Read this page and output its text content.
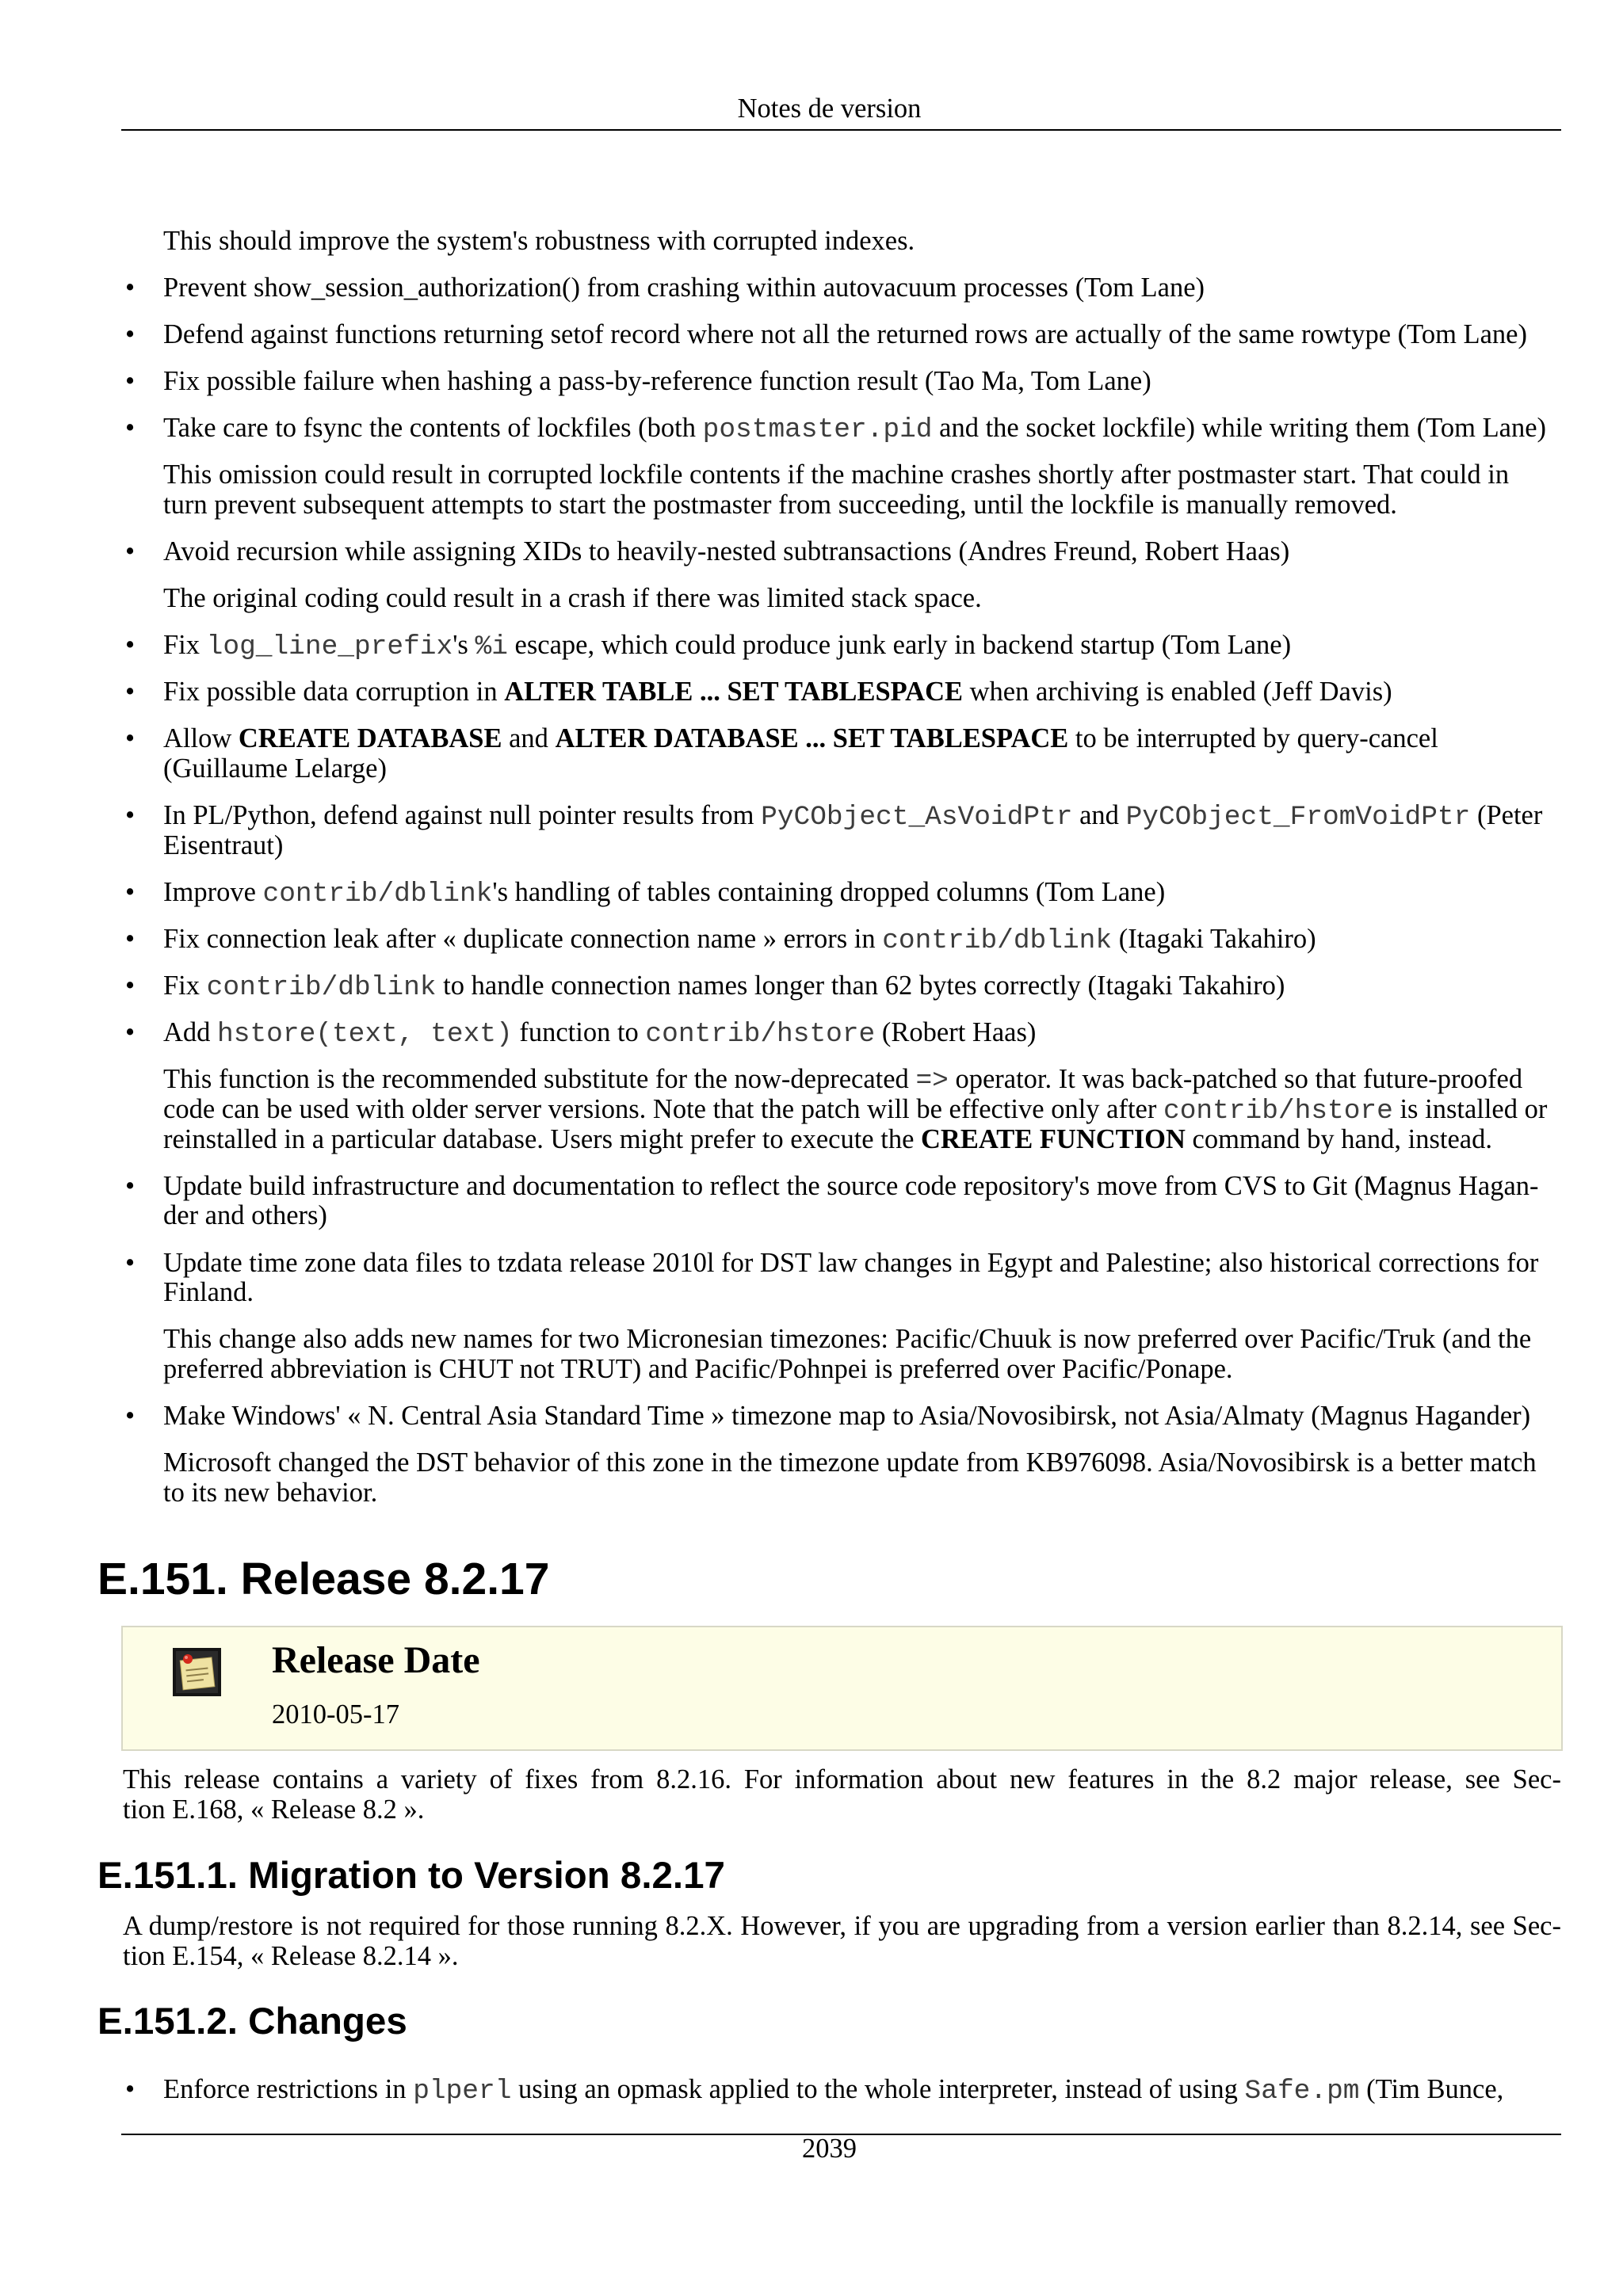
Notes de version
This should improve the system's robustness with corrupted indexes.
•
Prevent show_session_authorization() from crashing within autovacuum processes (Tom Lane)
•
Defend against functions returning setof record where not all the returned rows are actually of the same rowtype (Tom Lane)
•
Fix possible failure when hashing a pass-by-reference function result (Tao Ma, Tom Lane)
•
Take care to fsync the contents of lockfiles (both postmaster.pid and the socket lockfile) while writing them (Tom Lane)
This omission could result in corrupted lockfile contents if the machine crashes shortly after postmaster start. That could in
turn prevent subsequent attempts to start the postmaster from succeeding, until the lockfile is manually removed.
•
Avoid recursion while assigning XIDs to heavily-nested subtransactions (Andres Freund, Robert Haas)
The original coding could result in a crash if there was limited stack space.
•
Fix log_line_prefix's %i escape, which could produce junk early in backend startup (Tom Lane)
•
Fix possible data corruption in ALTER TABLE ... SET TABLESPACE when archiving is enabled (Jeff Davis)
•
Allow CREATE DATABASE and ALTER DATABASE ... SET TABLESPACE to be interrupted by query-cancel
(Guillaume Lelarge)
•
In PL/Python, defend against null pointer results from PyCObject_AsVoidPtr and PyCObject_FromVoidPtr (Peter
Eisentraut)
•
Improve contrib/dblink's handling of tables containing dropped columns (Tom Lane)
•
Fix connection leak after « duplicate connection name » errors in contrib/dblink (Itagaki Takahiro)
•
Fix contrib/dblink to handle connection names longer than 62 bytes correctly (Itagaki Takahiro)
•
Add hstore(text, text) function to contrib/hstore (Robert Haas)
This function is the recommended substitute for the now-deprecated => operator. It was back-patched so that future-proofed
code can be used with older server versions. Note that the patch will be effective only after contrib/hstore is installed or
reinstalled in a particular database. Users might prefer to execute the CREATE FUNCTION command by hand, instead.
•
Update build infrastructure and documentation to reflect the source code repository's move from CVS to Git (Magnus Hagan-
der and others)
•
Update time zone data files to tzdata release 2010l for DST law changes in Egypt and Palestine; also historical corrections for
Finland.
This change also adds new names for two Micronesian timezones: Pacific/Chuuk is now preferred over Pacific/Truk (and the
preferred abbreviation is CHUT not TRUT) and Pacific/Pohnpei is preferred over Pacific/Ponape.
•
Make Windows' « N. Central Asia Standard Time » timezone map to Asia/Novosibirsk, not Asia/Almaty (Magnus Hagander)
Microsoft changed the DST behavior of this zone in the timezone update from KB976098. Asia/Novosibirsk is a better match
to its new behavior.
E.151. Release 8.2.17
Release Date
2010-05-17
This release contains a variety of fixes from 8.2.16. For information about new features in the 8.2 major release, see Sec-
tion E.168, « Release 8.2 ».
E.151.1. Migration to Version 8.2.17
A dump/restore is not required for those running 8.2.X. However, if you are upgrading from a version earlier than 8.2.14, see Sec-
tion E.154, « Release 8.2.14 ».
E.151.2. Changes
•
Enforce restrictions in plperl using an opmask applied to the whole interpreter, instead of using Safe.pm (Tim Bunce,
2039
